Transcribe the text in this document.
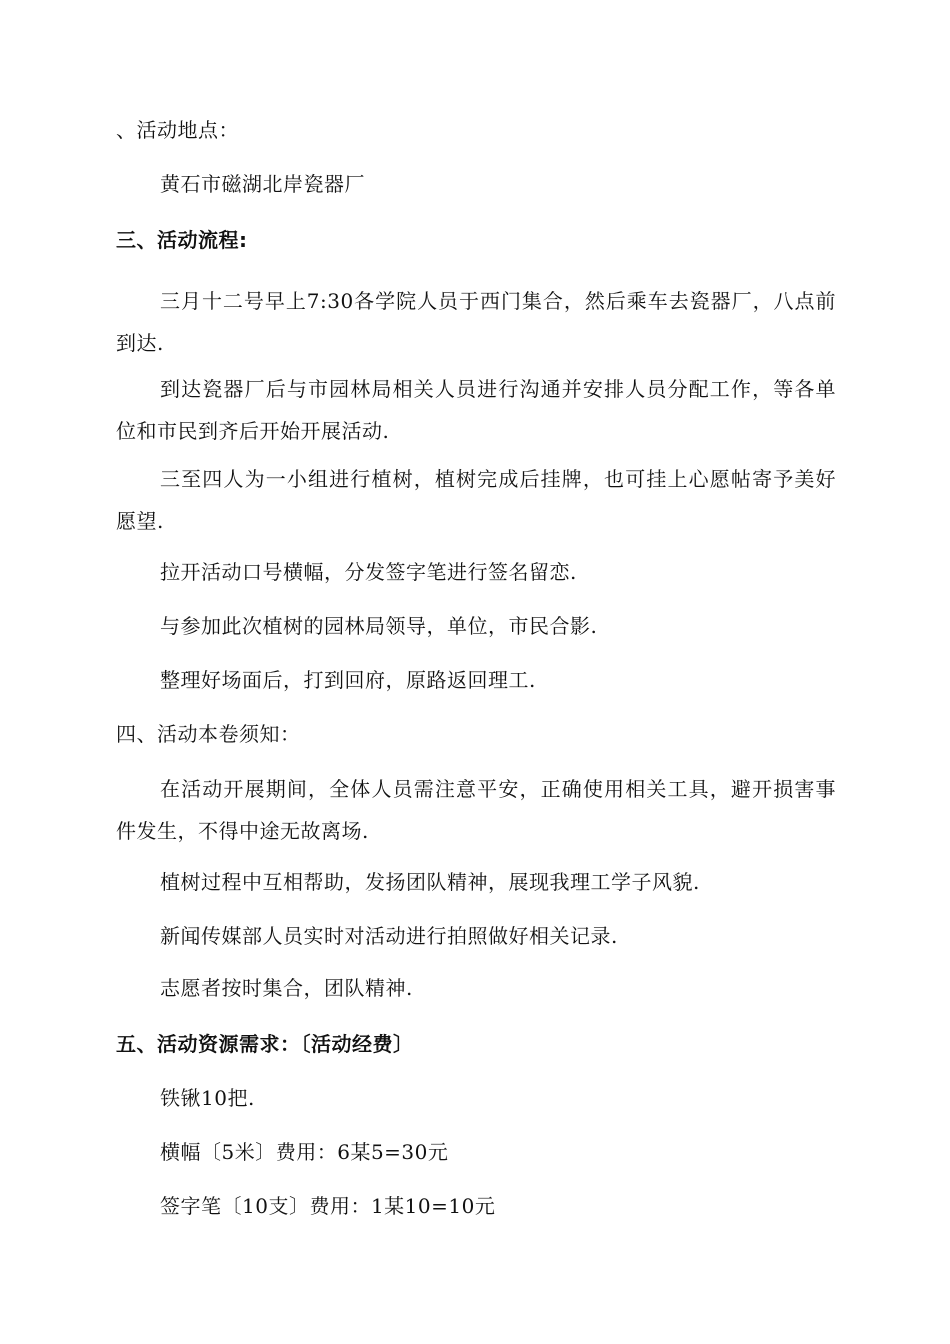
、活动地点：
黄石市磁湖北岸瓷器厂
三、活动流程:
三月十二号早上7:30各学院人员于西门集合，然后乘车去瓷器厂，八点前到达.
到达瓷器厂后与市园林局相关人员进行沟通并安排人员分配工作，等各单位和市民到齐后开始开展活动.
三至四人为一小组进行植树，植树完成后挂牌，也可挂上心愿帖寄予美好愿望.
拉开活动口号横幅，分发签字笔进行签名留恋.
与参加此次植树的园林局领导，单位，市民合影.
整理好场面后，打到回府，原路返回理工.
四、活动本卷须知：
在活动开展期间，全体人员需注意平安，正确使用相关工具，避开损害事件发生，不得中途无故离场.
植树过程中互相帮助，发扬团队精神，展现我理工学子风貌.
新闻传媒部人员实时对活动进行拍照做好相关记录.
志愿者按时集合，团队精神.
五、活动资源需求：〔活动经费〕
铁锹10把.
横幅〔5米〕费用：6某5=30元
签字笔〔10支〕费用：1某10=10元
